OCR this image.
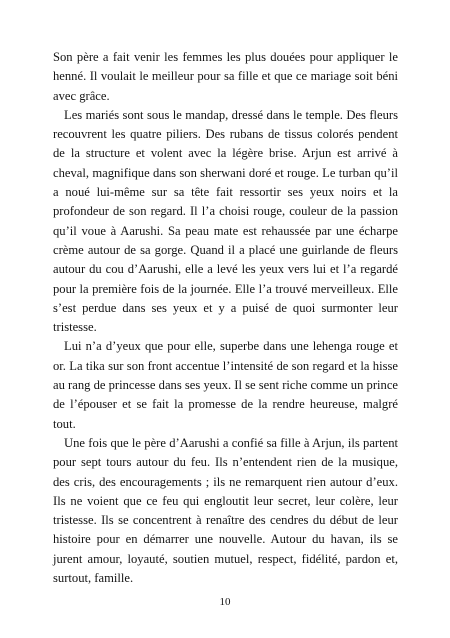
Son père a fait venir les femmes les plus douées pour appliquer le henné. Il voulait le meilleur pour sa fille et que ce mariage soit béni avec grâce.

Les mariés sont sous le mandap, dressé dans le temple. Des fleurs recouvrent les quatre piliers. Des rubans de tissus colorés pendent de la structure et volent avec la légère brise. Arjun est arrivé à cheval, magnifique dans son sherwani doré et rouge. Le turban qu’il a noué lui-même sur sa tête fait ressortir ses yeux noirs et la profondeur de son regard. Il l’a choisi rouge, couleur de la passion qu’il voue à Aarushi. Sa peau mate est rehaussée par une écharpe crème autour de sa gorge. Quand il a placé une guirlande de fleurs autour du cou d’Aarushi, elle a levé les yeux vers lui et l’a regardé pour la première fois de la journée. Elle l’a trouvé merveilleux. Elle s’est perdue dans ses yeux et y a puisé de quoi surmonter leur tristesse.

Lui n’a d’yeux que pour elle, superbe dans une lehenga rouge et or. La tika sur son front accentue l’intensité de son regard et la hisse au rang de princesse dans ses yeux. Il se sent riche comme un prince de l’épouser et se fait la promesse de la rendre heureuse, malgré tout.

Une fois que le père d’Aarushi a confié sa fille à Arjun, ils partent pour sept tours autour du feu. Ils n’entendent rien de la musique, des cris, des encouragements ; ils ne remarquent rien autour d’eux. Ils ne voient que ce feu qui engloutit leur secret, leur colère, leur tristesse. Ils se concentrent à renaître des cendres du début de leur histoire pour en démarrer une nouvelle. Autour du havan, ils se jurent amour, loyauté, soutien mutuel, respect, fidélité, pardon et, surtout, famille.

10
